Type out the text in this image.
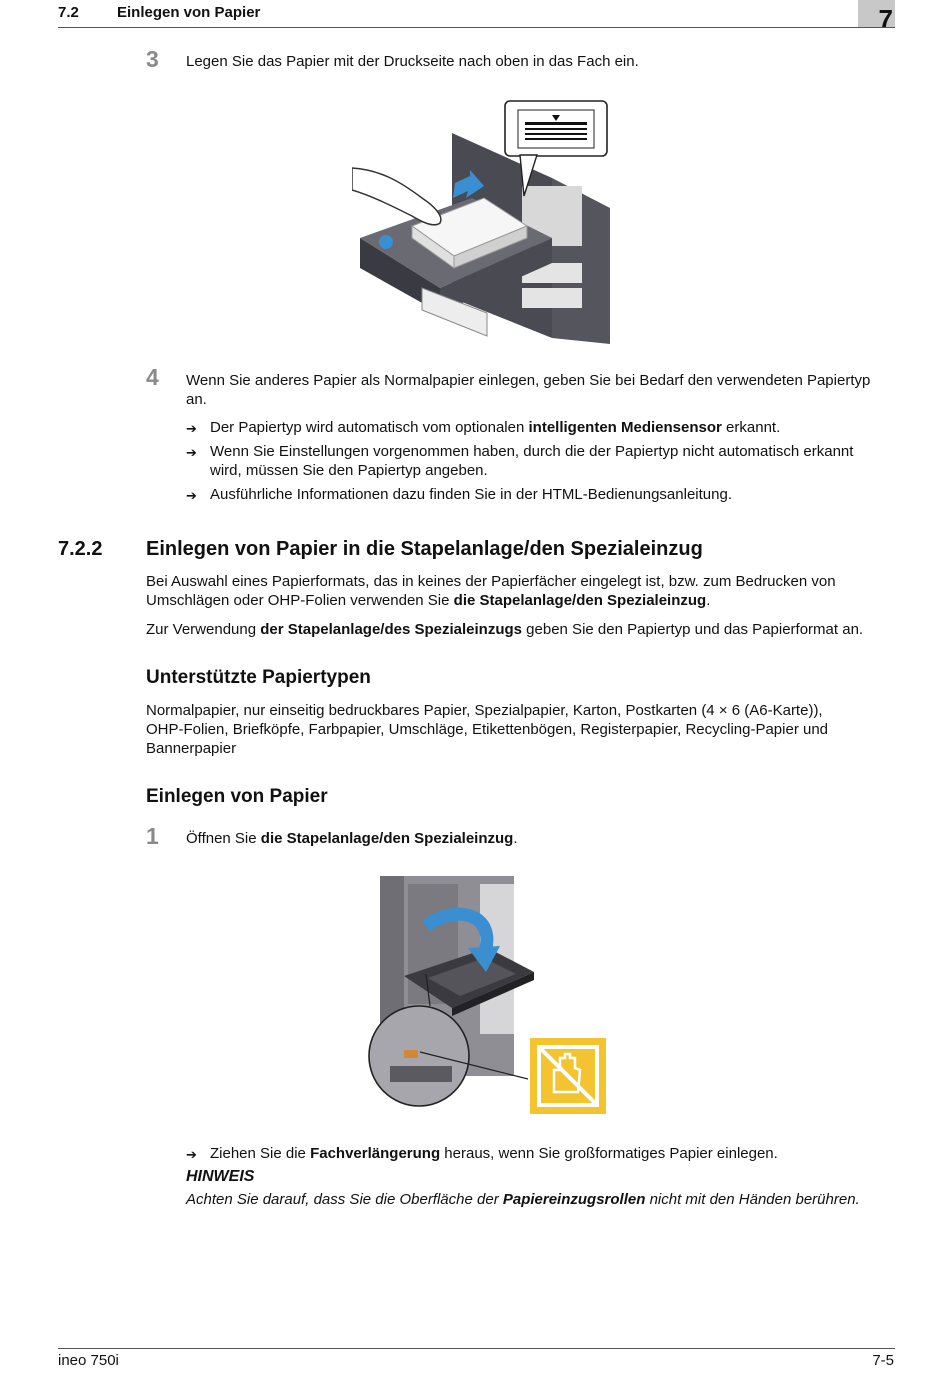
7.2	Einlegen von Papier	7
3 Legen Sie das Papier mit der Druckseite nach oben in das Fach ein.
4 Wenn Sie anderes Papier als Normalpapier einlegen, geben Sie bei Bedarf den verwendeten Papiertyp
an.
➔ Der Papiertyp wird automatisch vom optionalen intelligenten Mediensensor erkannt.
➔ Wenn Sie Einstellungen vorgenommen haben, durch die der Papiertyp nicht automatisch erkannt
wird, müssen Sie den Papiertyp angeben.
➔ Ausführliche Informationen dazu finden Sie in der HTML-Bedienungsanleitung.
7.2.2 Einlegen von Papier in die Stapelanlage/den Spezialeinzug
Bei Auswahl eines Papierformats, das in keines der Papierfächer eingelegt ist, bzw. zum Bedrucken von
Umschlägen oder OHP-Folien verwenden Sie die Stapelanlage/den Spezialeinzug.
Zur Verwendung der Stapelanlage/des Spezialeinzugs geben Sie den Papiertyp und das Papierformat an.
Unterstützte Papiertypen
Normalpapier, nur einseitig bedruckbares Papier, Spezialpapier, Karton, Postkarten (4 × 6 (A6-Karte)),
OHP-Folien, Briefköpfe, Farbpapier, Umschläge, Etikettenbögen, Registerpapier, Recycling-Papier und
Bannerpapier
Einlegen von Papier
1 Öffnen Sie die Stapelanlage/den Spezialeinzug.
➔ Ziehen Sie die Fachverlängerung heraus, wenn Sie großformatiges Papier einlegen.
HINWEIS
Achten Sie darauf, dass Sie die Oberfläche der Papiereinzugsrollen nicht mit den Händen berühren.
ineo 750i	7-5
